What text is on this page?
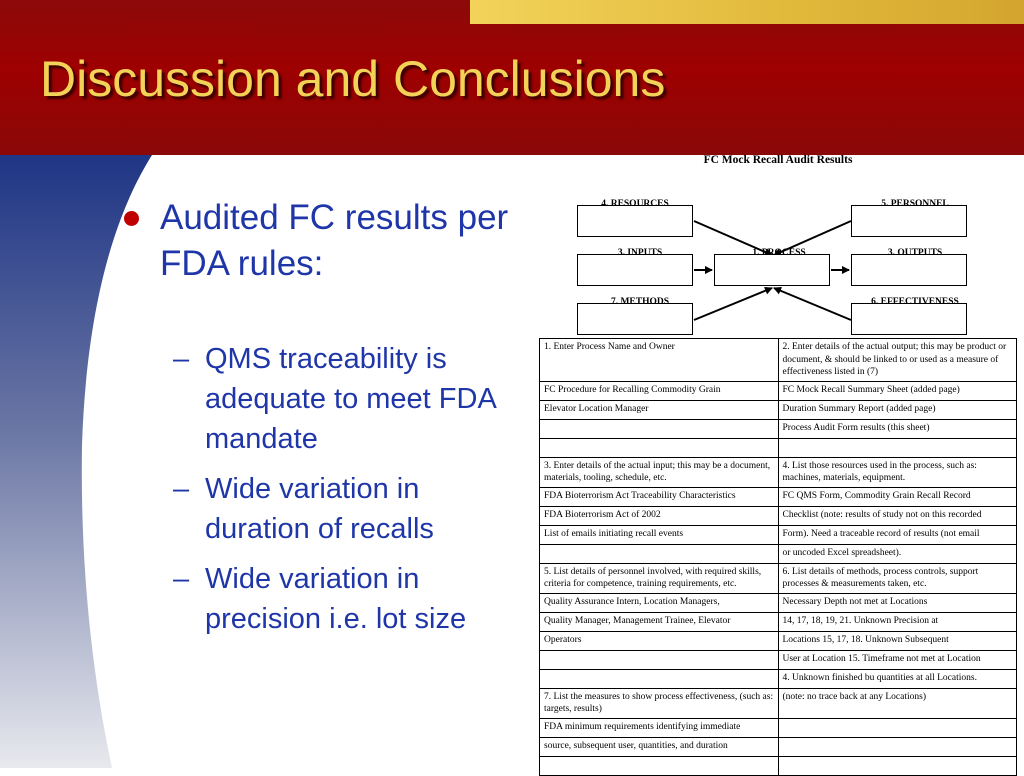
Discussion and Conclusions
Audited FC results per FDA rules:
– QMS traceability is adequate to meet FDA mandate
– Wide variation in duration of recalls
– Wide variation in precision i.e. lot size
FC Mock Recall Audit Results
4. RESOURCES	5. PERSONNEL
3. INPUTS	1. PROCESS	3. OUTPUTS
7. METHODS	6. EFFECTIVENESS
1. Enter Process Name and Owner	2. Enter details of the actual output; this may be product or document, & should be linked to or used as a measure of effectiveness listed in (7)
FC Procedure for Recalling Commodity Grain	FC Mock Recall Summary Sheet (added page)
Elevator Location Manager	Duration Summary Report (added page)
	Process Audit Form results (this sheet)

3. Enter details of the actual input; this may be a document, materials, tooling, schedule, etc.	4. List those resources used in the process, such as: machines, materials, equipment.
FDA Bioterrorism Act Traceability Characteristics	FC QMS Form, Commodity Grain Recall Record
FDA Bioterrorism Act of 2002	Checklist (note: results of study not on this recorded
List of emails initiating recall events	Form). Need a traceable record of results (not email
	or uncoded Excel spreadsheet).
5. List details of personnel involved, with required skills, criteria for competence, training requirements, etc.	6. List details of methods, process controls, support processes & measurements taken, etc.
Quality Assurance Intern, Location Managers,	Necessary Depth not met at Locations
Quality Manager, Management Trainee, Elevator	14, 17, 18, 19, 21. Unknown Precision at
Operators	Locations 15, 17, 18. Unknown Subsequent
	User at Location 15. Timeframe not met at Location
	4. Unknown finished bu quantities at all Locations.
7. List the measures to show process effectiveness, (such as: targets, results)	(note: no trace back at any Locations)
FDA minimum requirements identifying immediate	
source, subsequent user, quantities, and duration	
